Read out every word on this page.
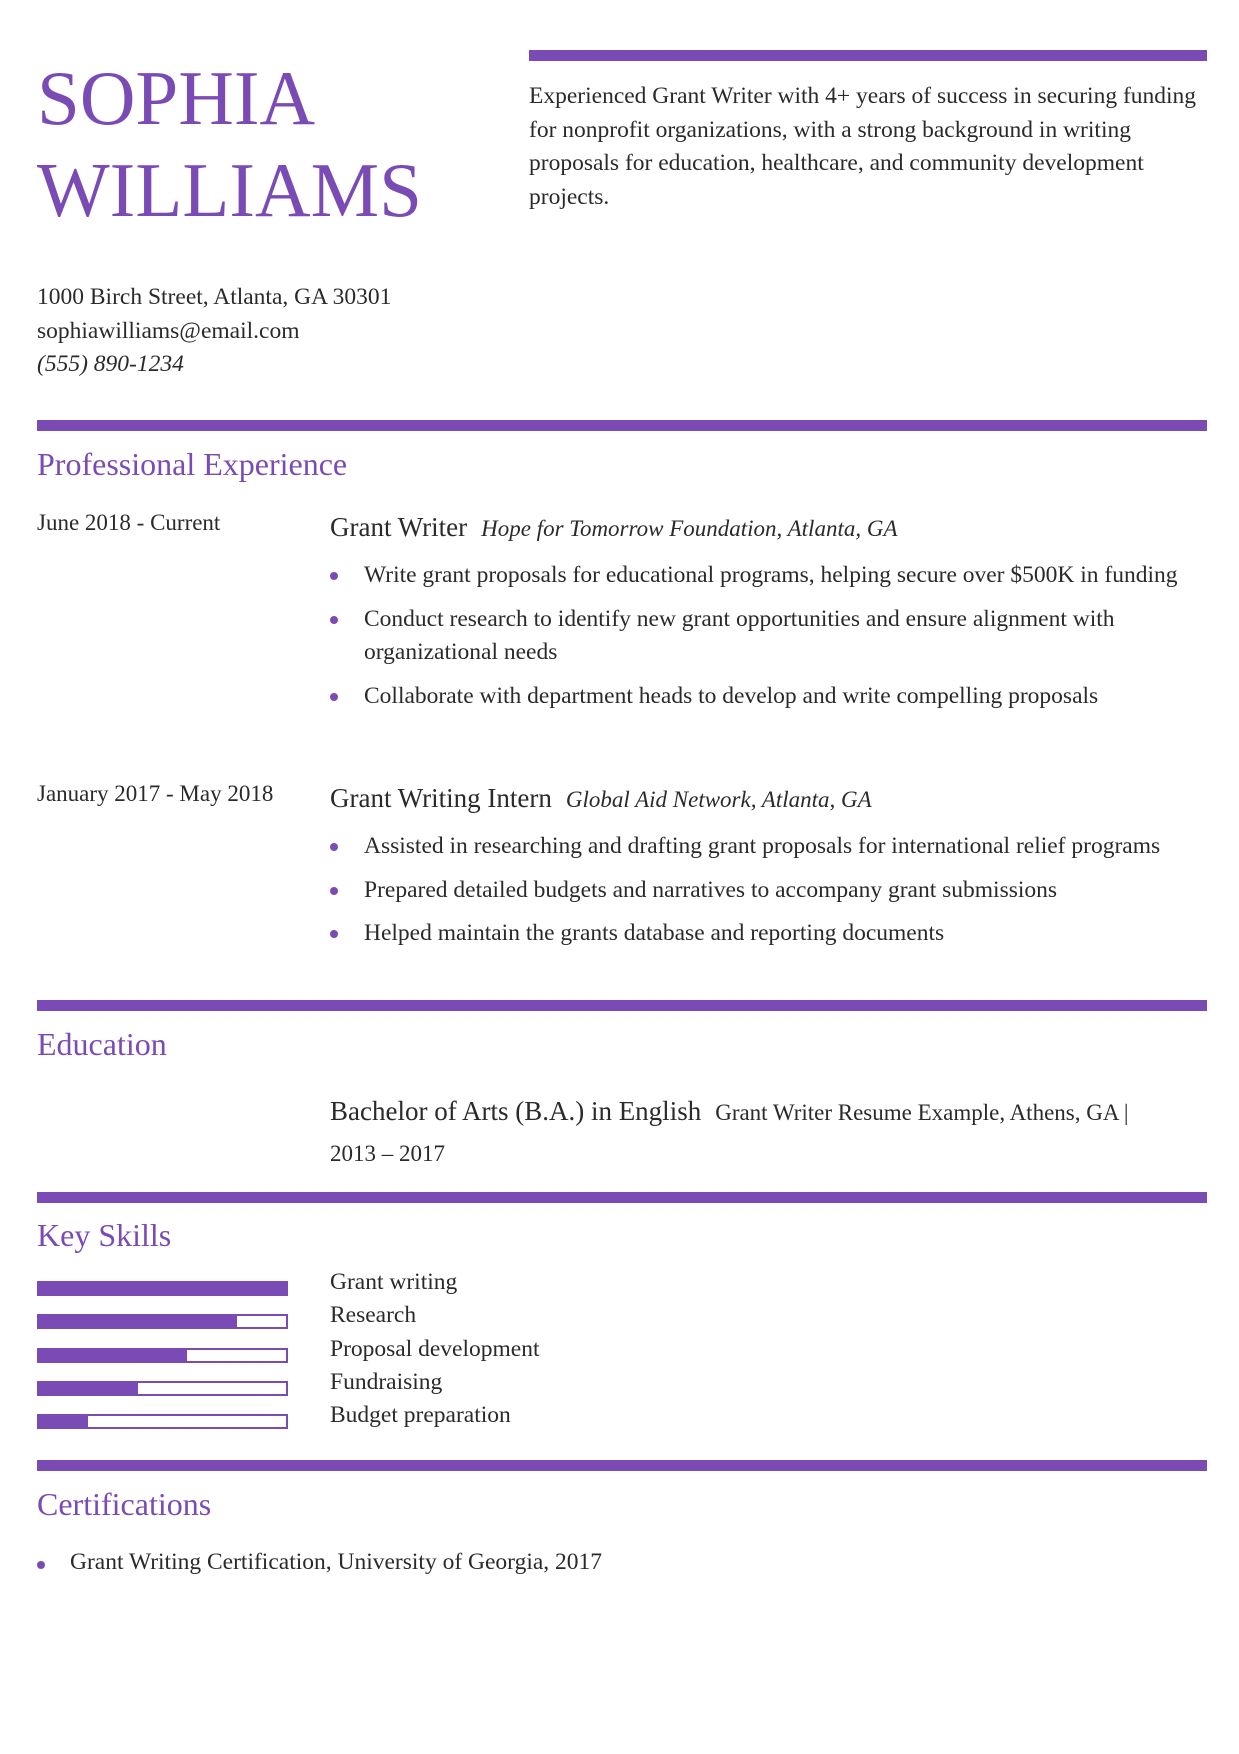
SOPHIA
WILLIAMS
Experienced Grant Writer with 4+ years of success in securing funding for nonprofit organizations, with a strong background in writing proposals for education, healthcare, and community development projects.
1000 Birch Street, Atlanta, GA 30301
sophiawilliams@email.com
(555) 890-1234
Professional Experience
June 2018 - Current	Grant Writer Hope for Tomorrow Foundation, Atlanta, GA
Write grant proposals for educational programs, helping secure over $500K in funding
Conduct research to identify new grant opportunities and ensure alignment with organizational needs
Collaborate with department heads to develop and write compelling proposals
January 2017 - May 2018 Grant Writing Intern Global Aid Network, Atlanta, GA
Assisted in researching and drafting grant proposals for international relief programs
Prepared detailed budgets and narratives to accompany grant submissions
Helped maintain the grants database and reporting documents
Education
Bachelor of Arts (B.A.) in English Grant Writer Resume Example, Athens, GA |
2013 – 2017
Key Skills
Grant writing
Research
Proposal development
Fundraising
Budget preparation
Certifications
Grant Writing Certification, University of Georgia, 2017
